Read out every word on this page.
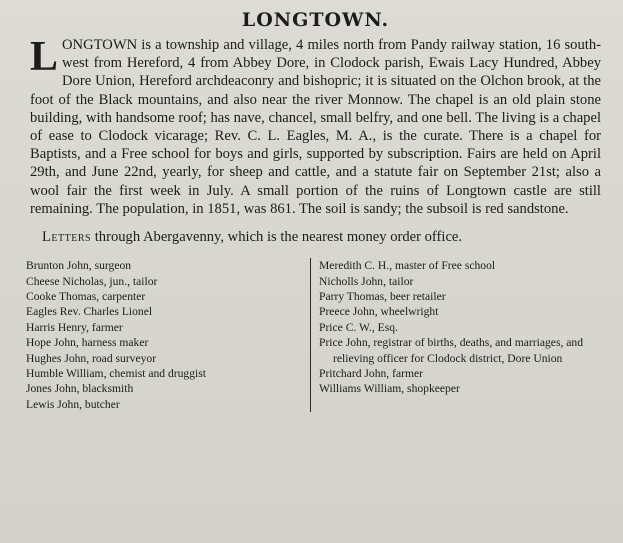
LONGTOWN.

LONGTOWN is a township and village, 4 miles north from Pandy railway station, 16 south-west from Hereford, 4 from Abbey Dore, in Clodock parish, Ewais Lacy Hundred, Abbey Dore Union, Hereford archdeaconry and bishopric; it is situated on the Olchon brook, at the foot of the Black mountains, and also near the river Monnow. The chapel is an old plain stone building, with handsome roof; has nave, chancel, small belfry, and one bell. The living is a chapel of ease to Clodock vicarage; Rev. C. L. Eagles, M. A., is the curate. There is a chapel for Baptists, and a Free school for boys and girls, supported by subscription. Fairs are held on April 29th, and June 22nd, yearly, for sheep and cattle, and a statute fair on September 21st; also a wool fair the first week in July. A small portion of the ruins of Longtown castle are still remaining. The population, in 1851, was 861. The soil is sandy; the subsoil is red sandstone.

Letters through Abergavenny, which is the nearest money order office.

Brunton John, surgeon

Cheese Nicholas, jun., tailor

Cooke Thomas, carpenter

Eagles Rev. Charles Lionel

Harris Henry, farmer

Hope John, harness maker

Hughes John, road surveyor

Humble William, chemist and druggist

Jones John, blacksmith

Lewis John, butcher

Meredith C. H., master of Free school

Nicholls John, tailor

Parry Thomas, beer retailer

Preece John, wheelwright

Price C. W., Esq.

Price John, registrar of births, deaths, and marriages, and relieving officer for Clodock district, Dore Union

Pritchard John, farmer

Williams William, shopkeeper
